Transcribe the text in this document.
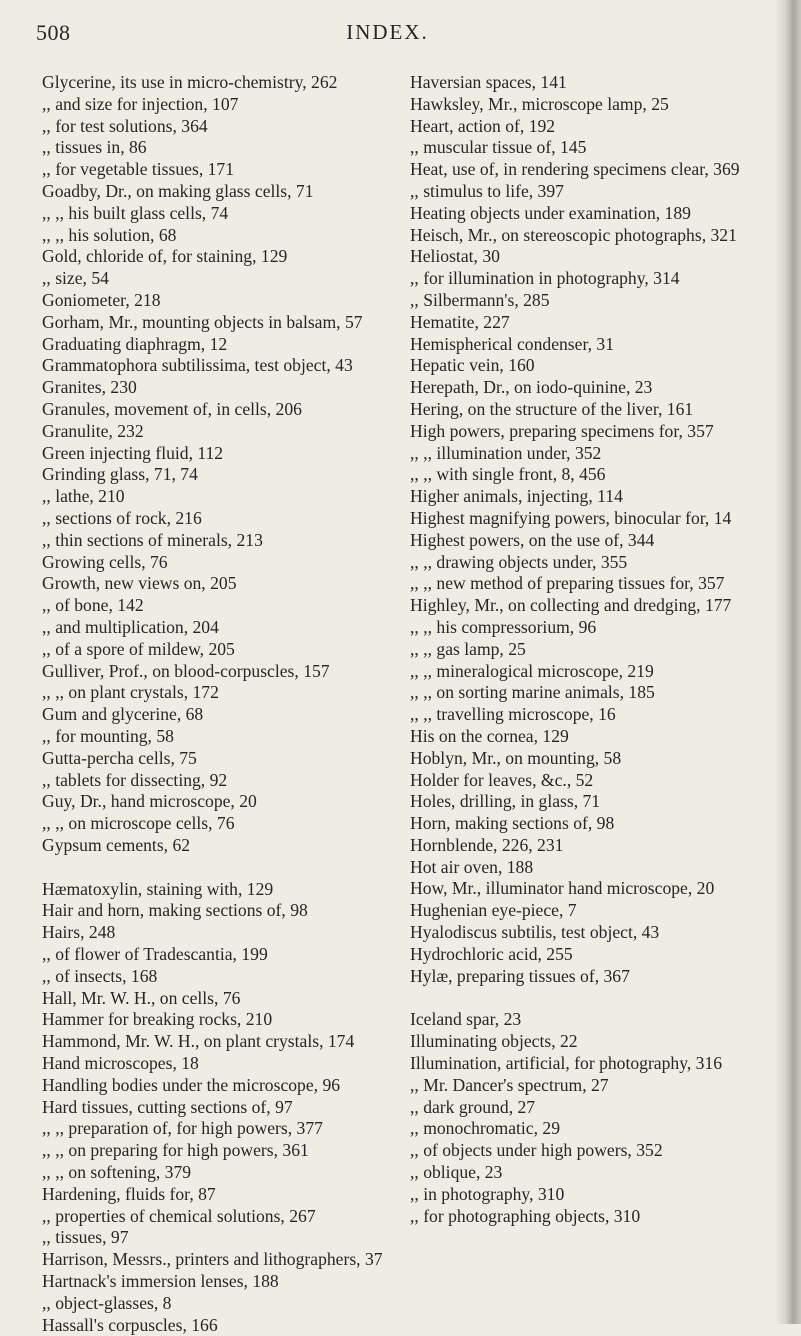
508	INDEX.

Glycerine, its use in micro-chemistry, 262

,, and size for injection, 107

,, for test solutions, 364

,, tissues in, 86

,, for vegetable tissues, 171

Goadby, Dr., on making glass cells, 71

,, ,, his built glass cells, 74

,, ,, his solution, 68

Gold, chloride of, for staining, 129

,, size, 54

Goniometer, 218

Gorham, Mr., mounting objects in balsam, 57

Graduating diaphragm, 12

Grammatophora subtilissima, test object, 43

Granites, 230

Granules, movement of, in cells, 206

Granulite, 232

Green injecting fluid, 112

Grinding glass, 71, 74

,, lathe, 210

,, sections of rock, 216

,, thin sections of minerals, 213

Growing cells, 76

Growth, new views on, 205

,, of bone, 142

,, and multiplication, 204

,, of a spore of mildew, 205

Gulliver, Prof., on blood-corpuscles, 157

,, ,, on plant crystals, 172

Gum and glycerine, 68

,, for mounting, 58

Gutta-percha cells, 75

,, tablets for dissecting, 92

Guy, Dr., hand microscope, 20

,, ,, on microscope cells, 76

Gypsum cements, 62

Hæmatoxylin, staining with, 129

Hair and horn, making sections of, 98

Hairs, 248

,, of flower of Tradescantia, 199

,, of insects, 168

Hall, Mr. W. H., on cells, 76

Hammer for breaking rocks, 210

Hammond, Mr. W. H., on plant crystals, 174

Hand microscopes, 18

Handling bodies under the microscope, 96

Hard tissues, cutting sections of, 97

,, ,, preparation of, for high powers, 377

,, ,, on preparing for high powers, 361

,, ,, on softening, 379

Hardening, fluids for, 87

,, properties of chemical solutions, 267

,, tissues, 97

Harrison, Messrs., printers and lithographers, 37

Hartnack's immersion lenses, 188

,, object-glasses, 8

Hassall's corpuscles, 166

Haversian spaces, 141

Hawksley, Mr., microscope lamp, 25

Heart, action of, 192

,, muscular tissue of, 145

Heat, use of, in rendering specimens clear, 369

,, stimulus to life, 397

Heating objects under examination, 189

Heisch, Mr., on stereoscopic photographs, 321

Heliostat, 30

,, for illumination in photography, 314

,, Silbermann's, 285

Hematite, 227

Hemispherical condenser, 31

Hepatic vein, 160

Herepath, Dr., on iodo-quinine, 23

Hering, on the structure of the liver, 161

High powers, preparing specimens for, 357

,, ,, illumination under, 352

,, ,, with single front, 8, 456

Higher animals, injecting, 114

Highest magnifying powers, binocular for, 14

Highest powers, on the use of, 344

,, ,, drawing objects under, 355

,, ,, new method of preparing tissues for, 357

Highley, Mr., on collecting and dredging, 177

,, ,, his compressorium, 96

,, ,, gas lamp, 25

,, ,, mineralogical microscope, 219

,, ,, on sorting marine animals, 185

,, ,, travelling microscope, 16

His on the cornea, 129

Hoblyn, Mr., on mounting, 58

Holder for leaves, &c., 52

Holes, drilling, in glass, 71

Horn, making sections of, 98

Hornblende, 226, 231

Hot air oven, 188

How, Mr., illuminator hand microscope, 20

Hughenian eye-piece, 7

Hyalodiscus subtilis, test object, 43

Hydrochloric acid, 255

Hylæ, preparing tissues of, 367

Iceland spar, 23

Illuminating objects, 22

Illumination, artificial, for photography, 316

,, Mr. Dancer's spectrum, 27

,, dark ground, 27

,, monochromatic, 29

,, of objects under high powers, 352

,, oblique, 23

,, in photography, 310

,, for photographing objects, 310
